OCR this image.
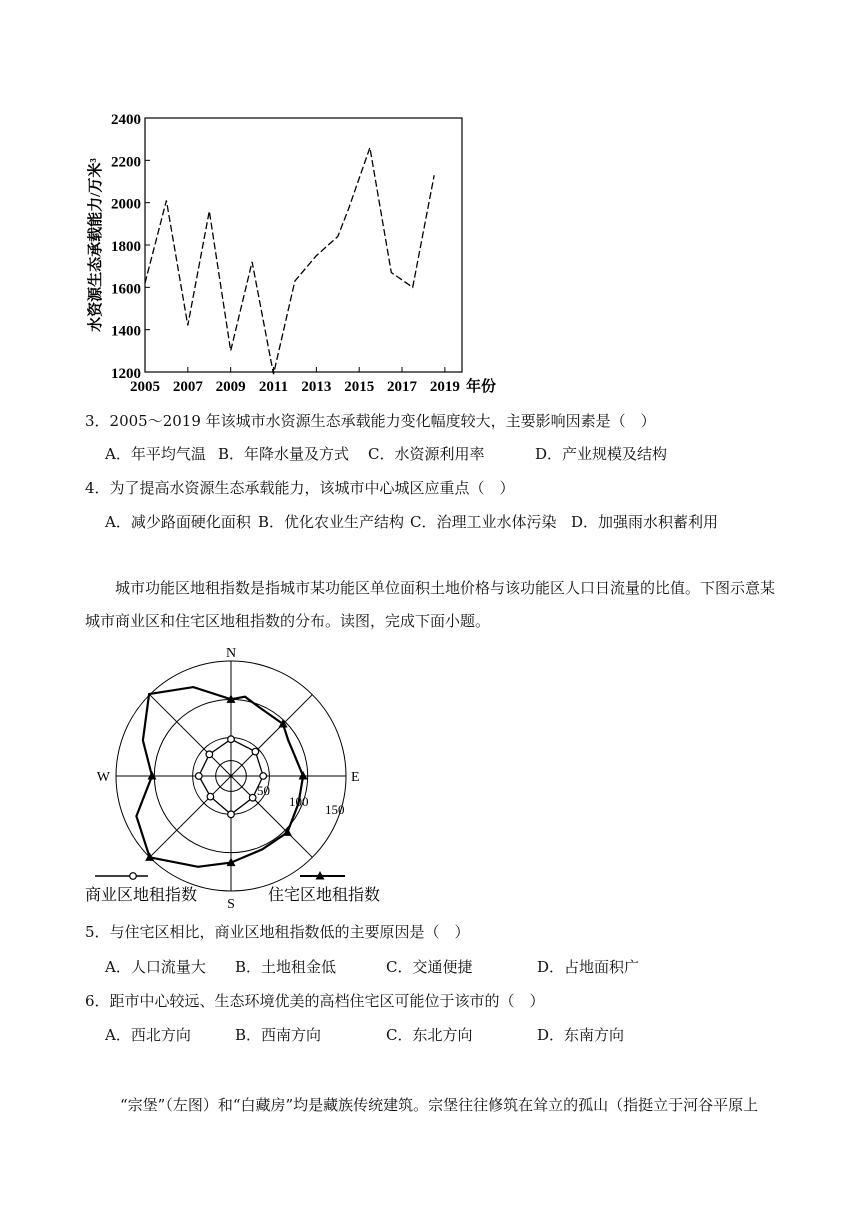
1200
1400
1600
1800
2000
2200
2400
2005 2007 2009 2011 2013 2015 2017 2019 年份
水资源生态承载能力/万米³
3．2005～2019 年该城市水资源生态承载能力变化幅度较大，主要影响因素是（　）
A．年平均气温 B．年降水量及方式 C．水资源利用率	D．产业规模及结构
4．为了提高水资源生态承载能力，该城市中心城区应重点（　）
A．减少路面硬化面积 B．优化农业生产结构 C．治理工业水体污染 D．加强雨水积蓄利用
城市功能区地租指数是指城市某功能区单位面积土地价格与该功能区人口日流量的比值。下图示意某城市商业区和住宅区地租指数的分布。读图，完成下面小题。
N
E
S
W
50
100
150
商业区地租指数	住宅区地租指数
5．与住宅区相比，商业区地租指数低的主要原因是（　）
A．人口流量大 B．土地租金低	C．交通便捷	D．占地面积广
6．距市中心较远、生态环境优美的高档住宅区可能位于该市的（　）
A．西北方向	B．西南方向	C．东北方向	D．东南方向
“宗堡”（左图）和“白藏房”均是藏族传统建筑。宗堡往往修筑在耸立的孤山（指挺立于河谷平原上
